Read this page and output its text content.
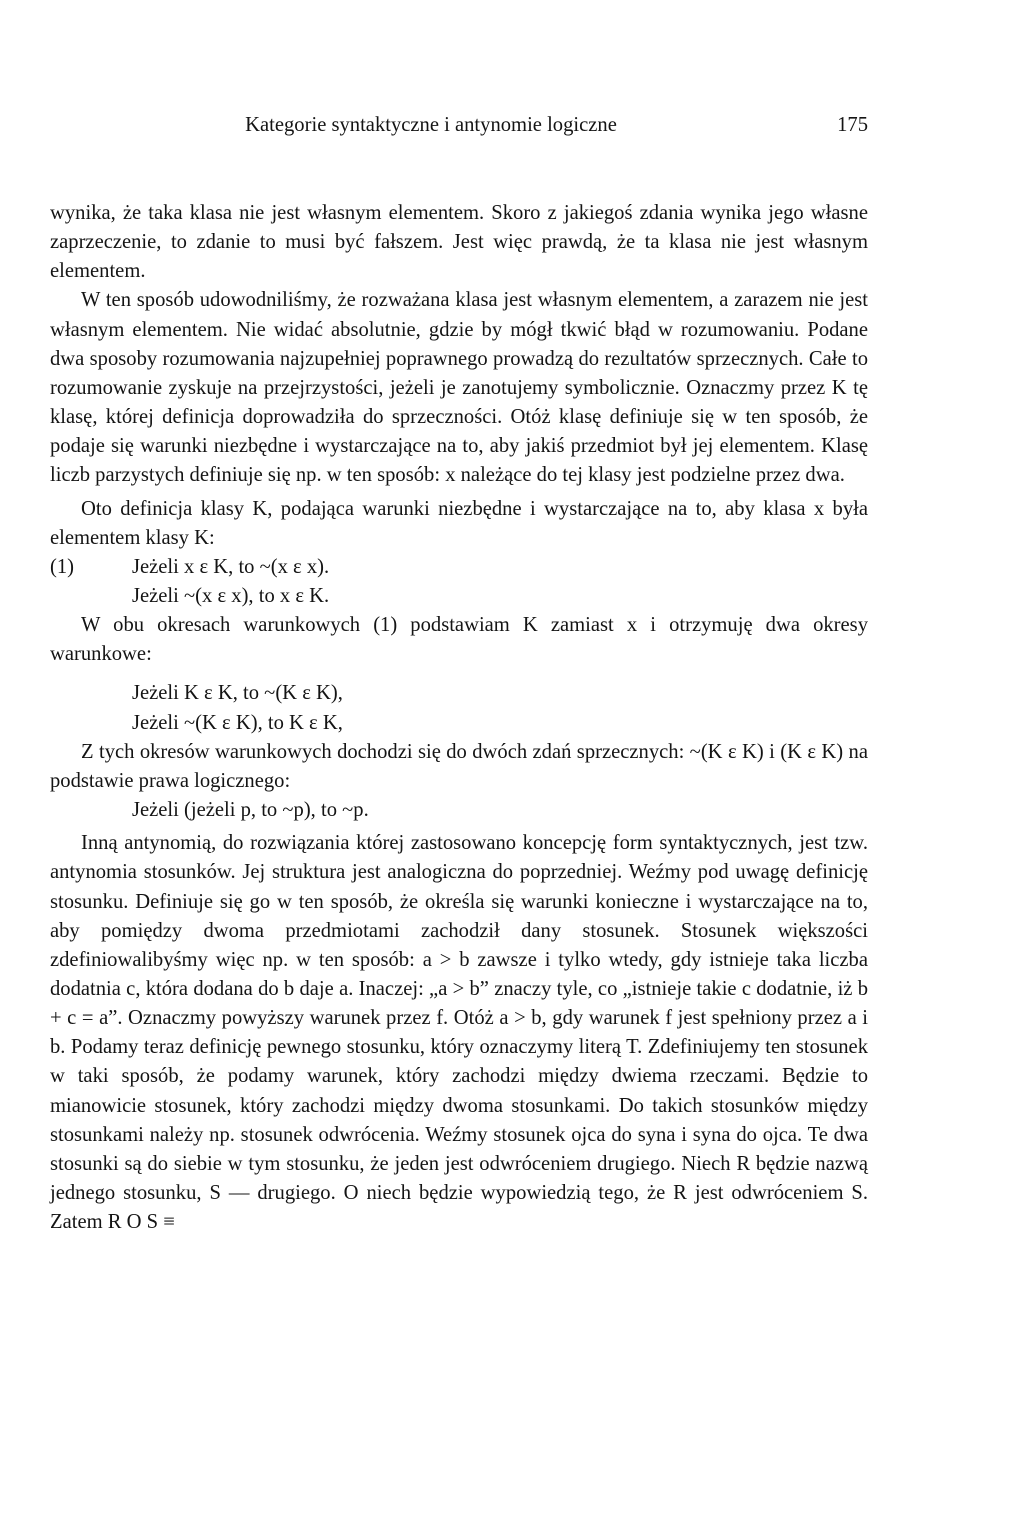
Kategorie syntaktyczne i antynomie logiczne	175

wynika, że taka klasa nie jest własnym elementem. Skoro z jakiegoś zdania wynika jego własne zaprzeczenie, to zdanie to musi być fałszem. Jest więc prawdą, że ta klasa nie jest własnym elementem.

W ten sposób udowodniliśmy, że rozważana klasa jest własnym elementem, a zarazem nie jest własnym elementem. Nie widać absolutnie, gdzie by mógł tkwić błąd w rozumowaniu. Podane dwa sposoby rozumowania najzupełniej poprawnego prowadzą do rezultatów sprzecznych. Całe to rozumowanie zyskuje na przejrzystości, jeżeli je zanotujemy symbolicznie. Oznaczmy przez K tę klasę, której definicja doprowadziła do sprzeczności. Otóż klasę definiuje się w ten sposób, że podaje się warunki niezbędne i wystarczające na to, aby jakiś przedmiot był jej elementem. Klasę liczb parzystych definiuje się np. w ten sposób: x należące do tej klasy jest podzielne przez dwa.

Oto definicja klasy K, podająca warunki niezbędne i wystarczające na to, aby klasa x była elementem klasy K:

(1)	Jeżeli x ε K, to ~(x ε x).
Jeżeli ~(x ε x), to x ε K.

W obu okresach warunkowych (1) podstawiam K zamiast x i otrzymuję dwa okresy warunkowe:

Jeżeli K ε K, to ~(K ε K),
Jeżeli ~(K ε K), to K ε K,

Z tych okresów warunkowych dochodzi się do dwóch zdań sprzecznych: ~(K ε K) i (K ε K) na podstawie prawa logicznego:

Jeżeli (jeżeli p, to ~p), to ~p.

Inną antynomią, do rozwiązania której zastosowano koncepcję form syntaktycznych, jest tzw. antynomia stosunków. Jej struktura jest analogiczna do poprzedniej. Weźmy pod uwagę definicję stosunku. Definiuje się go w ten sposób, że określa się warunki konieczne i wystarczające na to, aby pomiędzy dwoma przedmiotami zachodził dany stosunek. Stosunek większości zdefiniowalibyśmy więc np. w ten sposób: a > b zawsze i tylko wtedy, gdy istnieje taka liczba dodatnia c, która dodana do b daje a. Inaczej: „a > b” znaczy tyle, co „istnieje takie c dodatnie, iż b + c = a”. Oznaczmy powyższy warunek przez f. Otóż a > b, gdy warunek f jest spełniony przez a i b. Podamy teraz definicję pewnego stosunku, który oznaczymy literą T. Zdefiniujemy ten stosunek w taki sposób, że podamy warunek, który zachodzi między dwiema rzeczami. Będzie to mianowicie stosunek, który zachodzi między dwoma stosunkami. Do takich stosunków między stosunkami należy np. stosunek odwrócenia. Weźmy stosunek ojca do syna i syna do ojca. Te dwa stosunki są do siebie w tym stosunku, że jeden jest odwróceniem drugiego. Niech R będzie nazwą jednego stosunku, S — drugiego. O niech będzie wypowiedzią tego, że R jest odwróceniem S. Zatem R O S ≡
